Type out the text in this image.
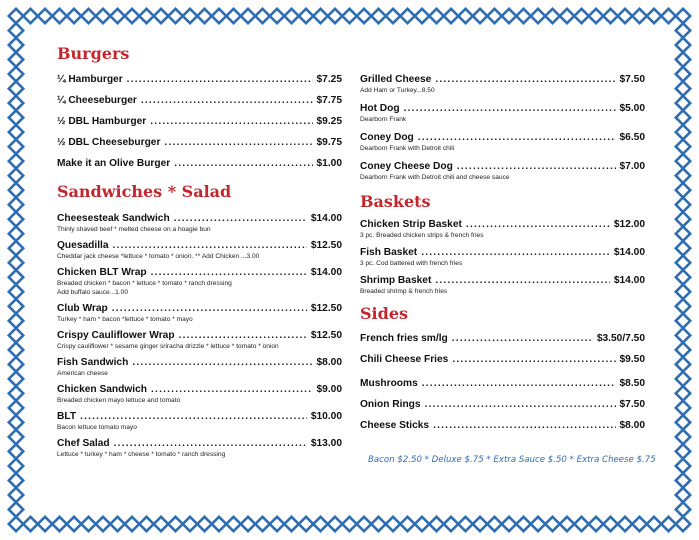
Burgers
¼ Hamburger .....	$7.25
¼ Cheeseburger .....	$7.75
½ DBL Hamburger .....	$9.25
½ DBL Cheeseburger .....	$9.75
Make it an Olive Burger .....	$1.00
Sandwiches * Salad
Cheesesteak Sandwich .....	$14.00
Thinly shaved beef * melted cheese on a hoagie bun
Quesadilla .....	$12.50
Cheddar jack cheese *lettuce * tomato * onion. ** Add Chicken ...3.00
Chicken BLT Wrap .....	$14.00
Breaded chicken * bacon * lettuce * tomato * ranch dressing
Add buffalo sauce...1.00
Club Wrap .....	$12.50
Turkey * ham * bacon *lettuce * tomato * mayo
Crispy Cauliflower Wrap .....	$12.50
Crispy cauliflower * sesame ginger sriracha drizzle * lettuce * tomato * onion
Fish Sandwich .....	$8.00
American cheese
Chicken Sandwich .....	$9.00
Breaded chicken mayo lettuce and tomato
BLT .....	$10.00
Bacon lettuce tomato mayo
Chef Salad .....	$13.00
Lettuce * turkey * ham * cheese * tomato * ranch dressing
Grilled Cheese .....	$7.50
Add Ham or Turkey...8.50
Hot Dog .....	$5.00
Dearborn Frank
Coney Dog .....	$6.50
Dearborn Frank with Detroit chili
Coney Cheese Dog .....	$7.00
Dearborn Frank with Detroit chili and cheese sauce
Baskets
Chicken Strip Basket .....	$12.00
3 pc. Breaded chicken strips & french fries
Fish Basket .....	$14.00
3 pc. Cod battered with french fries
Shrimp Basket .....	$14.00
Breaded shrimp & french fries
Sides
French fries sm/lg .....	$3.50/7.50
Chili Cheese Fries .....	$9.50
Mushrooms .....	$8.50
Onion Rings .....	$7.50
Cheese Sticks .....	$8.00
Bacon $2.50 * Deluxe $.75 * Extra Sauce $.50 * Extra Cheese $.75
